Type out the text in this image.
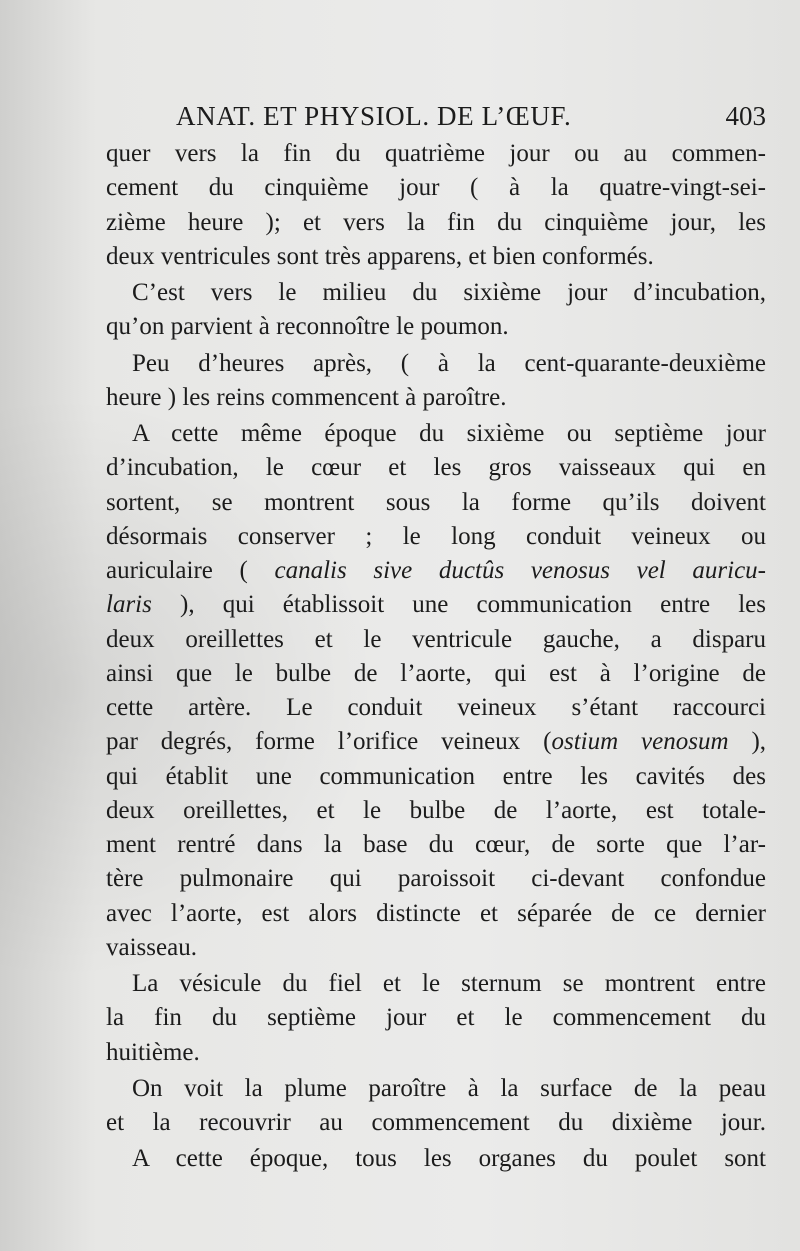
ANAT. ET PHYSIOL. DE L’ŒUF.	403

quer vers la fin du quatrième jour ou au commen-
cement du cinquième jour ( à la quatre-vingt-sei-
zième heure ); et vers la fin du cinquième jour, les
deux ventricules sont très apparens, et bien conformés.

C’est vers le milieu du sixième jour d’incubation,
qu’on parvient à reconnoître le poumon.

Peu d’heures après, ( à la cent-quarante-deuxième
heure ) les reins commencent à paroître.

A cette même époque du sixième ou septième jour
d’incubation, le cœur et les gros vaisseaux qui en
sortent, se montrent sous la forme qu’ils doivent
désormais conserver ; le long conduit veineux ou
auriculaire ( canalis sive ductûs venosus vel auricu-
laris ), qui établissoit une communication entre les
deux oreillettes et le ventricule gauche, a disparu
ainsi que le bulbe de l’aorte, qui est à l’origine de
cette artère. Le conduit veineux s’étant raccourci
par degrés, forme l’orifice veineux (ostium venosum ),
qui établit une communication entre les cavités des
deux oreillettes, et le bulbe de l’aorte, est totale-
ment rentré dans la base du cœur, de sorte que l’ar-
tère pulmonaire qui paroissoit ci-devant confondue
avec l’aorte, est alors distincte et séparée de ce dernier
vaisseau.

La vésicule du fiel et le sternum se montrent entre
la fin du septième jour et le commencement du
huitième.

On voit la plume paroître à la surface de la peau
et la recouvrir au commencement du dixième jour.

A cette époque, tous les organes du poulet sont
